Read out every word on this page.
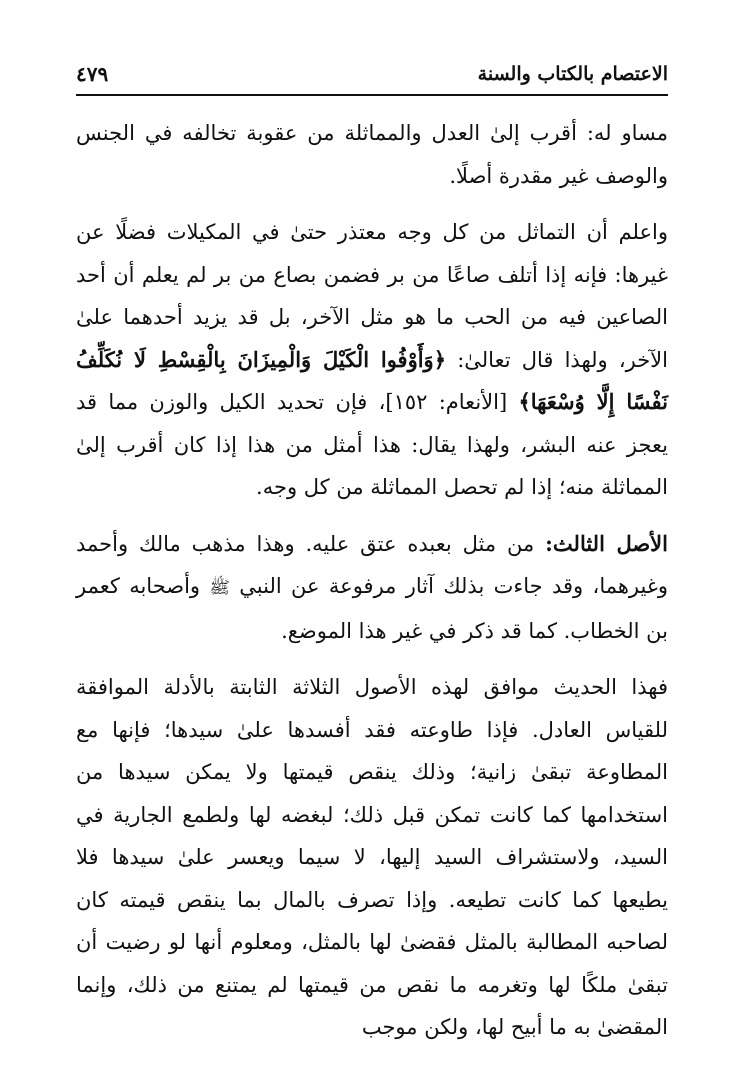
الاعتصام بالكتاب والسنة
٤٧٩

مساو له: أقرب إلىٰ العدل والمماثلة من عقوبة تخالفه في الجنس والوصف غير مقدرة أصلًا.

واعلم أن التماثل من كل وجه معتذر حتىٰ في المكيلات فضلًا عن غيرها: فإنه إذا أتلف صاعًا من بر فضمن بصاع من بر لم يعلم أن أحد الصاعين فيه من الحب ما هو مثل الآخر، بل قد يزيد أحدهما علىٰ الآخر، ولهذا قال تعالىٰ: ﴿وَأَوْفُوا الْكَيْلَ وَالْمِيزَانَ بِالْقِسْطِ لَا نُكَلِّفُ نَفْسًا إِلَّا وُسْعَهَا﴾ [الأنعام: ١٥٢]، فإن تحديد الكيل والوزن مما قد يعجز عنه البشر، ولهذا يقال: هذا أمثل من هذا إذا كان أقرب إلىٰ المماثلة منه؛ إذا لم تحصل المماثلة من كل وجه.

الأصل الثالث: من مثل بعبده عتق عليه. وهذا مذهب مالك وأحمد وغيرهما، وقد جاءت بذلك آثار مرفوعة عن النبي ﷺ وأصحابه كعمر بن الخطاب. كما قد ذكر في غير هذا الموضع.

فهذا الحديث موافق لهذه الأصول الثلاثة الثابتة بالأدلة الموافقة للقياس العادل. فإذا طاوعته فقد أفسدها علىٰ سيدها؛ فإنها مع المطاوعة تبقىٰ زانية؛ وذلك ينقص قيمتها ولا يمكن سيدها من استخدامها كما كانت تمكن قبل ذلك؛ لبغضه لها ولطمع الجارية في السيد، ولاستشراف السيد إليها، لا سيما ويعسر علىٰ سيدها فلا يطيعها كما كانت تطيعه. وإذا تصرف بالمال بما ينقص قيمته كان لصاحبه المطالبة بالمثل فقضىٰ لها بالمثل، ومعلوم أنها لو رضيت أن تبقىٰ ملكًا لها وتغرمه ما نقص من قيمتها لم يمتنع من ذلك، وإنما المقضىٰ به ما أبيح لها، ولكن موجب
